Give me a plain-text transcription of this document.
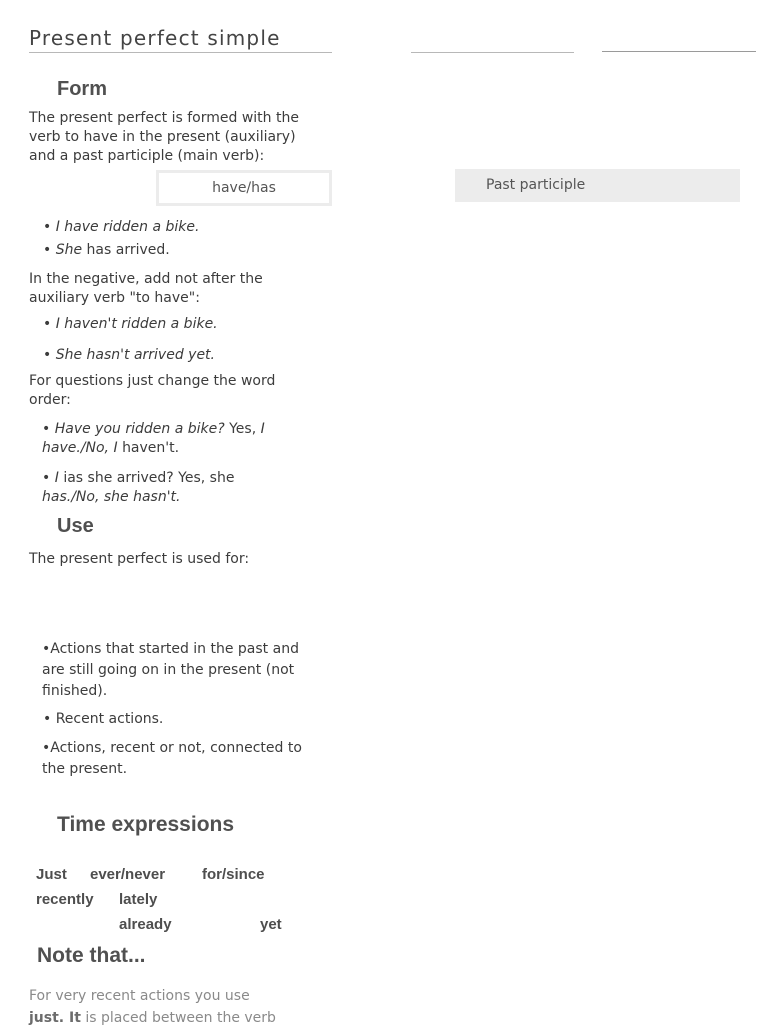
Present perfect simple
Form

The present perfect is formed with the verb to have in the present (auxiliary) and a past participle (main verb):

have/has	Past participle

• I have ridden a bike.

• She has arrived.

In the negative, add not after the auxiliary verb "to have":

• I haven't ridden a bike.

• She hasn't arrived yet.

For questions just change the word order:

• Have you ridden a bike? Yes, I have./No, I haven't.

• I ias she arrived? Yes, she
has./No, she hasn't.

Use

The present perfect is used for:

•Actions that started in the past and are still going on in the present (not finished).

• Recent actions.

•Actions, recent or not, connected to the present.

Time expressions
Just ever/never for/since
recently lately
already	yet
Note that...

For very recent actions you use
just. It is placed between the verb
